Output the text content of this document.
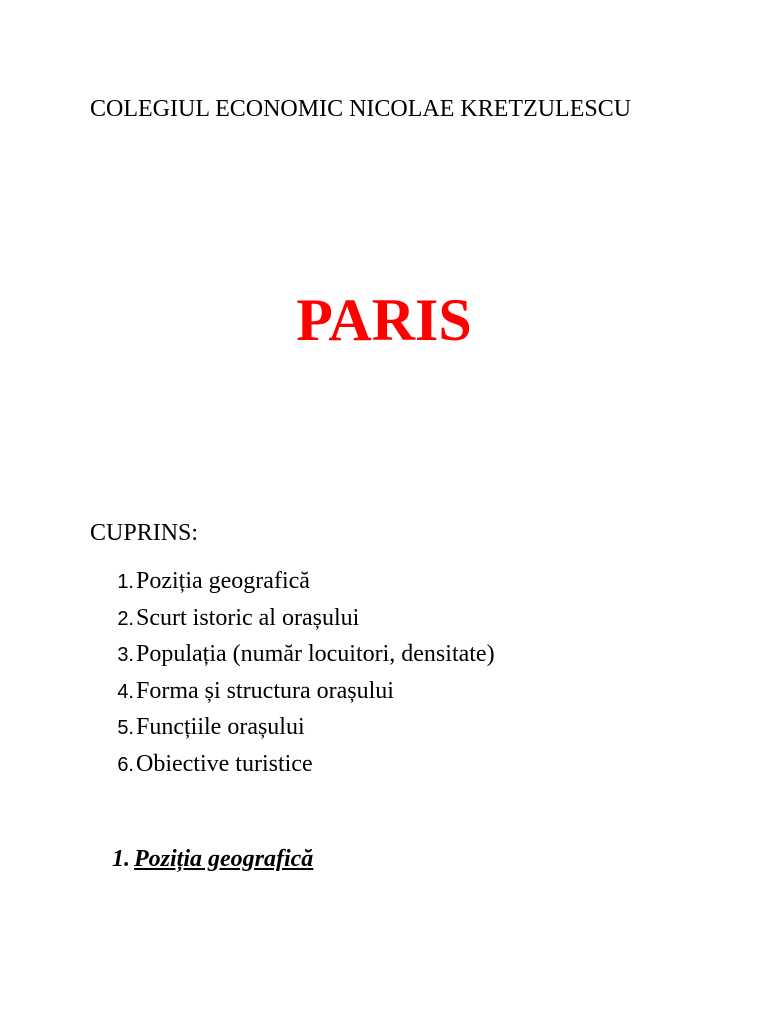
COLEGIUL ECONOMIC NICOLAE KRETZULESCU
PARIS
CUPRINS:
1. Poziția geografică
2. Scurt istoric al orașului
3. Populația (număr locuitori, densitate)
4. Forma și structura orașului
5. Funcțiile orașului
6. Obiective turistice
1. Poziția geografică
